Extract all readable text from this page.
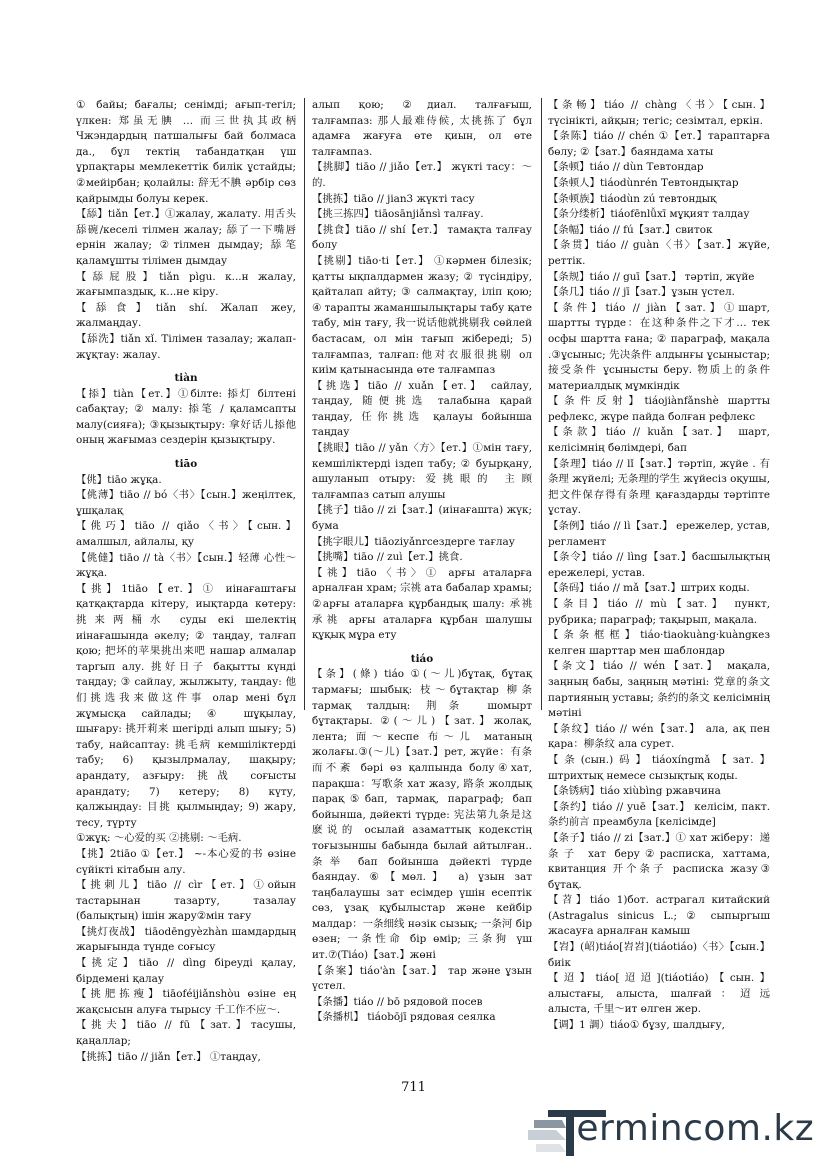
① байы; бағалы; сенімді; ағып-тегіл; үлкен: 郑虽无腆 … 而三世执其政柄 Чжэндардың патшалығы бай болмаса да., бұл тектің табандатқан үш ұрпақтары мемлекеттік билік ұстайды; ②мейірбан; қолайлы: 辞无不腆 әрбір сөз қайрымды болуы керек.

【舔】tiǎn【ет.】①жалау, жалату. 用舌头舔碗/кеселі тілмен жалау; 舔了一下嘴唇 ернін жалау; ②тілмен дымдау; 舔笔 қаламұшты тілімен дымдау

【舔屁股】tiǎn pìgu. к...н жалау, жағымпаздық, к...не кіру.

【舔食】tiǎn shí. Жалап жеу, жалмаңдау.

【舔洗】tiǎn xǐ. Тілімен тазалау; жалап-жұқтау: жалау.

tiàn

【掭】tiàn【ет.】①білте: 掭灯 білтені сабақтау; ② малу: 掭笔 / қаламсапты малу(сияға); ③қызықтыру: 拿好话儿掭他 оның жағымаз сездерін қызықтыру.

tiāo

【佻】tiāo жұқа.

【佻薄】tiāo // bó〈书〉【сын.】жеңілтек, ұшқалақ

【佻巧】tiāo // qiǎo〈书〉【сын.】амалшыл, айлалы, қу

【佻㒓】tiāo // tà〈书〉【сын.】轻薄 心性～жұқа.

【挑】1tiāo【ет.】① иінағаштағы қатқақтарда кітеру, иықтарда көтеру: 挑来两桶水 суды екі шелектің иінағашында әкелу; ② таңдау, талғап қою; 把坏的苹果挑出来吧 нашар алмалар таргып алу. 挑好日子 бақытты күнді таңдау; ③ сайлау, жылжыту, таңдау: 他们挑选我来做这件事 олар мені бұл жұмысқа сайлады; ④ шұқылау, шығару: 挑开莉来 шегірді алып шығу; 5) табу, найсаптау: 挑毛病 кемшіліктерді табу; 6) қызылрмалау, шақыру; арандату, азғыру: 挑战 соғысты арандату; 7) кетеру; 8) күту, қалжыңдау: 目挑 қылмыңдау; 9) жару, тесу, түрту

①жұқ: ～心爱的买 ②挑剔: ～毛病.

【挑】2tiāo ①【ет.】 ~-本心爱的书 өзіне сүйікті кітабын алу.

【挑刺儿】tiāo // cìr【ет.】①ойын тастарынан тазарту, тазалау (балықтың) ішін жару②мін тағу

【挑灯夜战】 tiāodēngyèzhàn шамдардың жарығында түнде соғысу

【挑定】tiāo // dìng біреуді қалау, бірдемені қалау

【挑肥拣瘦】tiāoféijiǎnshòu өзіне ең жақсысын алуға тырысу 千工作不应～.

【挑夫】tiāo // fū【зат.】тасушы, қаңаллар;

【挑拣】tiāo // jiǎn【ет.】 ①таңдау,

алып қою; ②диал. талғағыш, талғампаз: 那人最难侍候, 太挑拣了 бұл адамға жағуға өте қиын, ол өте талғампаз.

【挑脚】tiāo // jiǎo【ет.】 жүкті тасу：～的.

【挑拣】tiāo // jian3 жүкті тасу

【挑三拣四】tiāosānjiǎnsì талғау.

【挑食】tiāo // shí【ет.】 тамақта талғау болу

【挑剔】tiāo·ti【ет.】 ①кәрмен білезік; қатты ықпалдармен жазу; ② түсіндіру, қайталап айту; ③ салмақтау, іліп қою; ④ тарапты жаманшылықтары табу қате табу, мін тағу, 我一说话他就挑剔我 сөйлей бастасам, ол мін тағып жібереді; 5) талғампаз, талғап:他对衣服很挑剔 ол киім қатынасында өте талғампаз

【挑选】tiāo // xuǎn【ет.】 сайлау, таңдау, 随便挑选 талабына қарай таңдау, 任你挑选 қалауы бойынша таңдау

【挑眼】tiāo // yǎn〈方〉【ет.】①мін тағу, кемшіліктерді іздеп табу; ② буырқану, ашуланып отыру: 爱挑眼的 主顾 талғампаз сатып алушы

【挑子】tiāo // zi【зат.】(иінағашта) жүк; бума

【挑字眼儿】tiāoziyǎnrсездерге тағлау

【挑嘴】tiāo // zuì【ет.】挑食.

【祧】tiāo〈书〉① арғы аталарға арналған храм; 宗祧 ата бабалар храмы; ②арғы аталарға құрбандық шалу: 承祧 承祧 арғы аталарға құрбан шалушы құқық мұра ету

tiáo

【条】(條) tiáo ①(～儿)бұтақ, бұтақ тармағы; шыбық: 枝～бұтақтар 柳条 тармақ талдың: 荆条 шомырт бұтақтары. ②(～儿)【зат.】жолақ, лента; 面～кеспе 布～儿 матаның жолағы.③(～儿)【зат.】рет, жүйе：有条而不紊 бәрі өз қалпында болу④хат, парақша：写歌条 хат жазу, 路条 жолдық парақ⑤бап, тармақ, параграф; бап бойынша, дәйекті түрде: 宪法第九条是这麽说的 осылай азаматтық кодекстің тоғызыншы бабында былай айтылған.. 条举 бап бойынша дәйекті түрде баяндау. ⑥【мөл.】 а) ұзын зат таңбалаушы зат есімдер үшін есептік сөз, ұзақ құбылыстар және кейбір малдар：一条细线 нәзік сызық; 一条河 бір өзен; 一条性命 бір өмір; 三条狗 үш ит.⑦(Tiáo)【зат.】жөні

【条案】tiáo'àn【зат.】 тар және ұзын үстел.

【条播】tiáo // bō рядовой посев

【条播机】 tiáobōjī рядовая сеялка

【条畅】tiáo // chàng〈书〉【сын.】түсінікті, айқын; тегіс; сезімтал, еркін.

【条陈】tiáo // chén ①【ет.】тараптарға бөлу; ②【зат.】баяндама хаты

【条顿】tiáo // dùn Тевтондар

【条顿人】tiáodùnrén Тевтондықтар

【条顿族】tiáodùn zú тевтондық

【条分缕析】tiáofēnlǚxī мұқият талдау

【条幅】tiáo // fú【зат.】свиток

【条贯】tiáo // guàn〈书〉【зат.】жүйе, реттік.

【条规】tiáo // guī【зат.】 тәртіп, жүйе

【条几】tiáo // jī【зат.】ұзын үстел.

【条件】tiáo // jiàn【зат.】①шарт, шартты түрде：在这种条件之下才… тек осфы шартта ғана; ② параграф, мақала .③ұсыныс; 先决条件 алдынғы ұсыныстар; 接受条件 ұсынысты беру. 物质上的条件 материалдық мұмкіндік

【条件反射】tiáojiànfǎnshè шартты рефлекс, жүре пайда болған рефлекс

【条款】tiáo // kuǎn【зат.】 шарт, келісімнің бөлімдері, бап

【条理】tiáo // lǐ【зат.】тәртіп, жүйе . 有条理 жүйелі; 无条理的学生 жүйесіз оқушы, 把文件保存得有条理 қағаздарды тәртіпте ұстау.

【条例】tiáo // lì【зат.】 ережелер, устав, регламент

【条令】tiáo // lìng【зат.】басшылықтың ережелері, устав.

【条码】tiáo // mǎ【зат.】штрих коды.

【条目】tiáo // mù【зат.】 пункт, рубрика; параграф; тақырып, мақала.

【条条框框】tiáo·tiaokuàng·kuàngкез келген шарттар мен шаблондар

【条文】tiáo // wén【зат.】 мақала, заңның бабы, заңның мәтіні: 党章的条文 партияның уставы; 条约的条文 келісімнің мәтіні

【条纹】tiáo // wén【зат.】 ала, ақ пен қара：柳条纹 ала сурет.

【条(сын.)码】tiáoxíngmǎ【зат.】штрихтық немесе сызықтық коды.

【条锈病】tiáo xiùbìng ржавчина

【条约】tiáo // yuē【зат.】 келісім, пакт. 条约前言 преамбула [келісімде]

【条子】tiáo // zi【зат.】① хат жіберу：递条子 хат беру②расписка, хаттама, квитанция 开个条子 расписка жазу③ бұтақ.

【苕】tiáo 1)бот. астрагал китайский (Astragalus sinicus L.; ② сыпыргыш жасауға арналған камыш

【岧】(岹)tiáo[岧岧](tiáotiáo)〈书〉【сын.】биік

【迢】tiáo[迢迢](tiáotiáo)【сын.】алыстағы, алыста, шалғай：迢远 алыста, 千里～ит өлген жер.

【调】1 調）tiáo① бұзу, шалдығу,

711
Termincom.kz
